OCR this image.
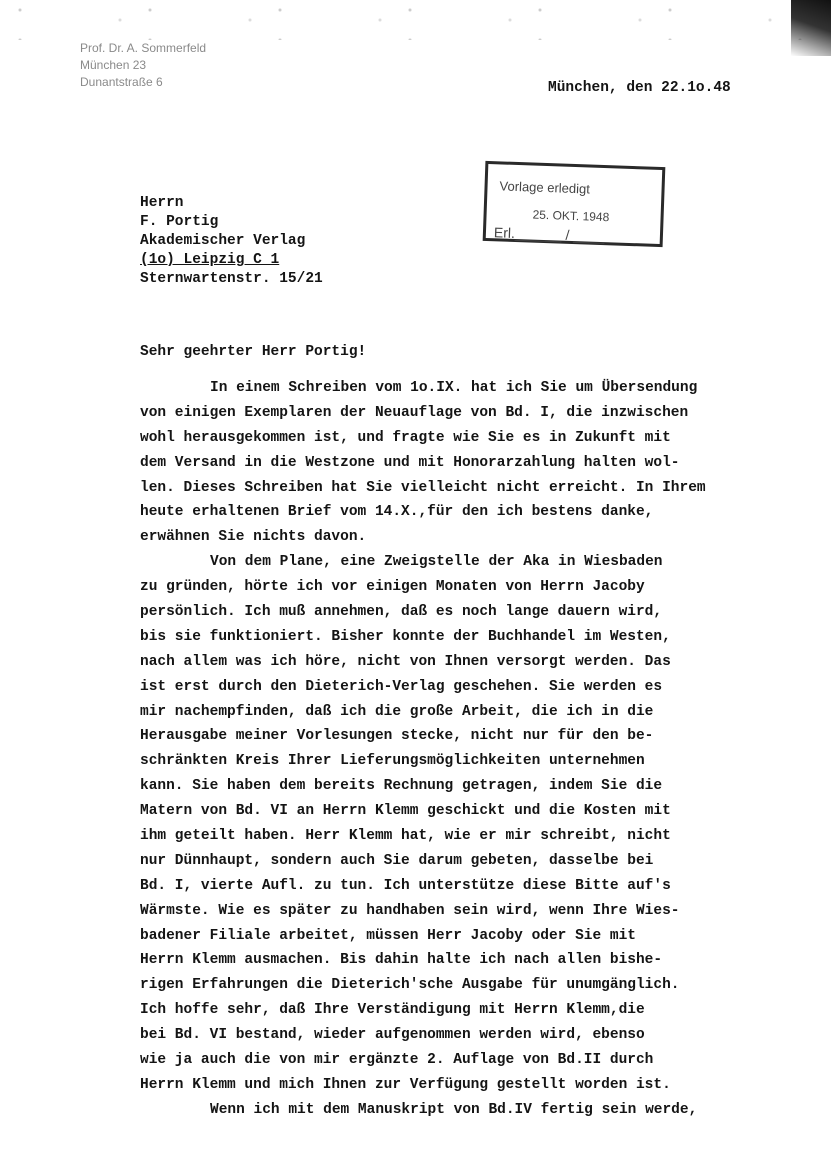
Prof. Dr. A. Sommerfeld
München 23
Dunantstraße 6	München, den 22.1o.48
Vorlage erledigt
25. OKT. 1948
Erl.______ / ____
Herrn
F. Portig
Akademischer Verlag
(1o) Leipzig C 1
Sternwartenstr. 15/21
Sehr geehrter Herr Portig!
In einem Schreiben vom 1o.IX. hat ich Sie um Übersendung
von einigen Exemplaren der Neuauflage von Bd. I, die inzwischen
wohl herausgekommen ist, und fragte wie Sie es in Zukunft mit
dem Versand in die Westzone und mit Honorarzahlung halten wol-
len. Dieses Schreiben hat Sie vielleicht nicht erreicht. In Ihrem
heute erhaltenen Brief vom 14.X.,für den ich bestens danke,
erwähnen Sie nichts davon.
Von dem Plane, eine Zweigstelle der Aka in Wiesbaden
zu gründen, hörte ich vor einigen Monaten von Herrn Jacoby
persönlich. Ich muß annehmen, daß es noch lange dauern wird,
bis sie funktioniert. Bisher konnte der Buchhandel im Westen,
nach allem was ich höre, nicht von Ihnen versorgt werden. Das
ist erst durch den Dieterich-Verlag geschehen. Sie werden es
mir nachempfinden, daß ich die große Arbeit, die ich in die
Herausgabe meiner Vorlesungen stecke, nicht nur für den be-
schränkten Kreis Ihrer Lieferungsmöglichkeiten unternehmen
kann. Sie haben dem bereits Rechnung getragen, indem Sie die
Matern von Bd. VI an Herrn Klemm geschickt und die Kosten mit
ihm geteilt haben. Herr Klemm hat, wie er mir schreibt, nicht
nur Dünnhaupt, sondern auch Sie darum gebeten, dasselbe bei
Bd. I, vierte Aufl. zu tun. Ich unterstütze diese Bitte auf's
Wärmste. Wie es später zu handhaben sein wird, wenn Ihre Wies-
badener Filiale arbeitet, müssen Herr Jacoby oder Sie mit
Herrn Klemm ausmachen. Bis dahin halte ich nach allen bishe-
rigen Erfahrungen die Dieterich'sche Ausgabe für unumgänglich.
Ich hoffe sehr, daß Ihre Verständigung mit Herrn Klemm,die
bei Bd. VI bestand, wieder aufgenommen werden wird, ebenso
wie ja auch die von mir ergänzte 2. Auflage von Bd.II durch
Herrn Klemm und mich Ihnen zur Verfügung gestellt worden ist.
Wenn ich mit dem Manuskript von Bd.IV fertig sein werde,
